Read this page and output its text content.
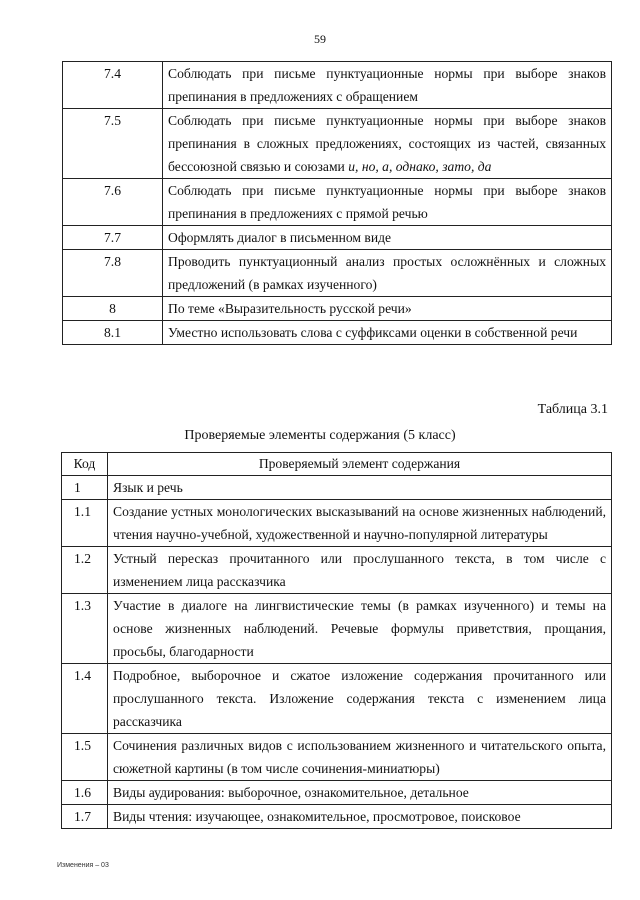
59
7.4	Соблюдать при письме пунктуационные нормы при выборе знаков препинания в предложениях с обращением
7.5	Соблюдать при письме пунктуационные нормы при выборе знаков препинания в сложных предложениях, состоящих из частей, связанных бессоюзной связью и союзами и, но, а, однако, зато, да
7.6	Соблюдать при письме пунктуационные нормы при выборе знаков препинания в предложениях с прямой речью
7.7	Оформлять диалог в письменном виде
7.8	Проводить пунктуационный анализ простых осложнённых и сложных предложений (в рамках изученного)
8	По теме «Выразительность русской речи»
8.1	Уместно использовать слова с суффиксами оценки в собственной речи
Таблица 3.1
Проверяемые элементы содержания (5 класс)
Код	Проверяемый элемент содержания
1	Язык и речь
1.1	Создание устных монологических высказываний на основе жизненных наблюдений, чтения научно-учебной, художественной и научно-популярной литературы
1.2	Устный пересказ прочитанного или прослушанного текста, в том числе с изменением лица рассказчика
1.3	Участие в диалоге на лингвистические темы (в рамках изученного) и темы на основе жизненных наблюдений. Речевые формулы приветствия, прощания, просьбы, благодарности
1.4	Подробное, выборочное и сжатое изложение содержания прочитанного или прослушанного текста. Изложение содержания текста с изменением лица рассказчика
1.5	Сочинения различных видов с использованием жизненного и читательского опыта, сюжетной картины (в том числе сочинения-миниатюры)
1.6	Виды аудирования: выборочное, ознакомительное, детальное
1.7	Виды чтения: изучающее, ознакомительное, просмотровое, поисковое
Изменения – 03
